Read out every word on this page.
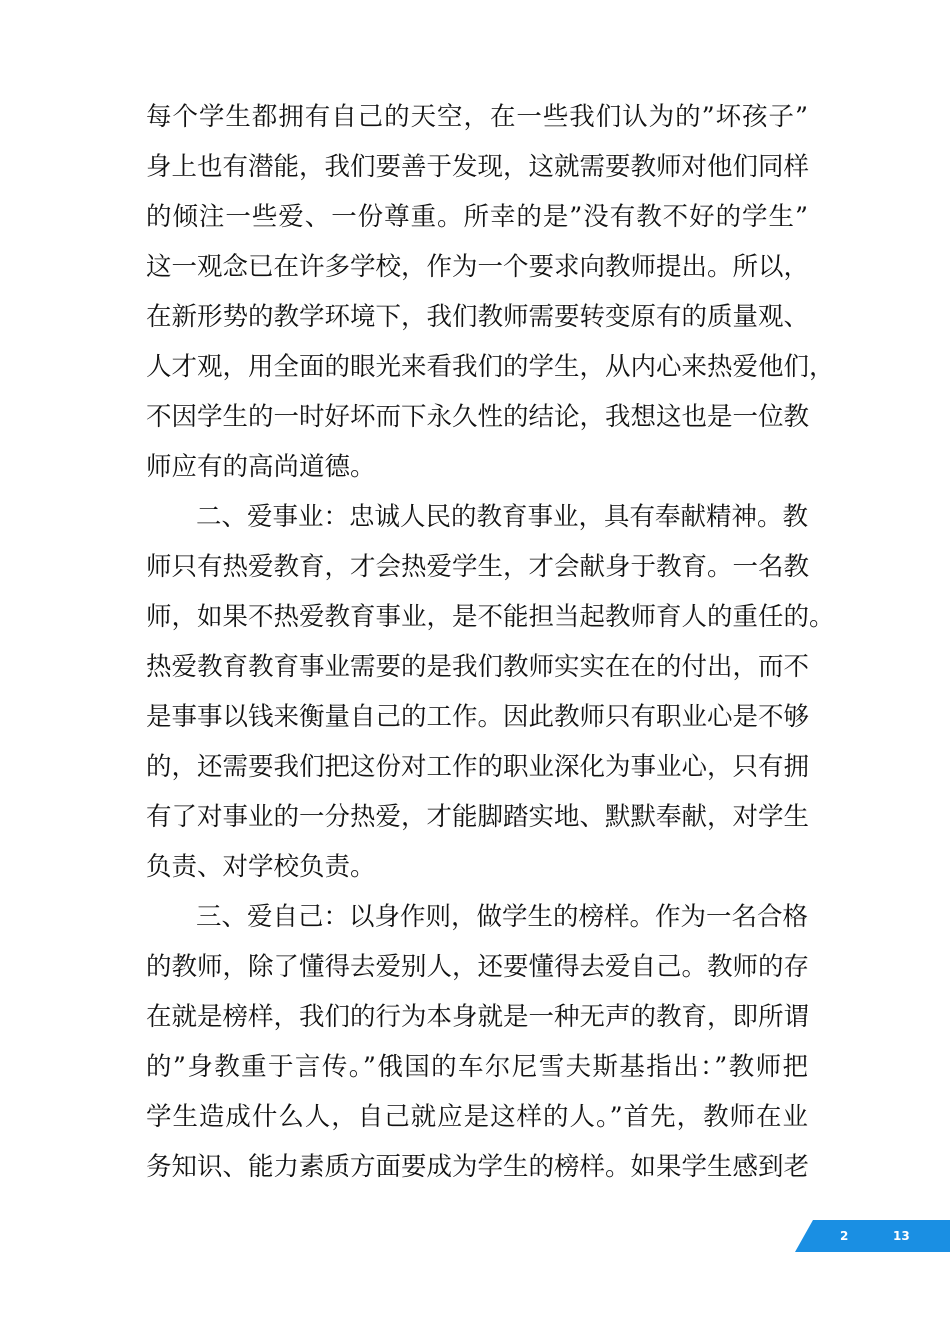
每个学生都拥有自己的天空，在一些我们认为的”坏孩子”
身上也有潜能，我们要善于发现，这就需要教师对他们同样
的倾注一些爱、一份尊重。所幸的是”没有教不好的学生”
这一观念已在许多学校，作为一个要求向教师提出。所以，
在新形势的教学环境下，我们教师需要转变原有的质量观、
人才观，用全面的眼光来看我们的学生，从内心来热爱他们，
不因学生的一时好坏而下永久性的结论，我想这也是一位教
师应有的高尚道德。
二、爱事业：忠诚人民的教育事业，具有奉献精神。教
师只有热爱教育，才会热爱学生，才会献身于教育。一名教
师，如果不热爱教育事业，是不能担当起教师育人的重任的。
热爱教育教育事业需要的是我们教师实实在在的付出，而不
是事事以钱来衡量自己的工作。因此教师只有职业心是不够
的，还需要我们把这份对工作的职业深化为事业心，只有拥
有了对事业的一分热爱，才能脚踏实地、默默奉献，对学生
负责、对学校负责。
三、爱自己：以身作则，做学生的榜样。作为一名合格
的教师，除了懂得去爱别人，还要懂得去爱自己。教师的存
在就是榜样，我们的行为本身就是一种无声的教育，即所谓
的”身教重于言传。”俄国的车尔尼雪夫斯基指出：”教师把
学生造成什么人，自己就应是这样的人。”首先，教师在业
务知识、能力素质方面要成为学生的榜样。如果学生感到老
2	13
